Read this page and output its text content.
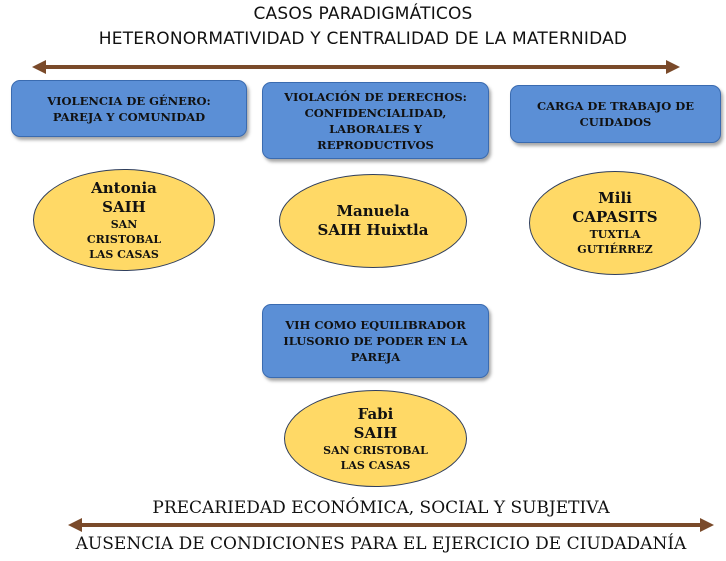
CASOS PARADIGMÁTICOS
HETERONORMATIVIDAD Y CENTRALIDAD DE LA MATERNIDAD
VIOLENCIA DE GÉNERO: PAREJA Y COMUNIDAD
VIOLACIÓN DE DERECHOS: CONFIDENCIALIDAD, LABORALES Y REPRODUCTIVOS
CARGA DE TRABAJO DE CUIDADOS
VIH COMO EQUILIBRADOR ILUSORIO DE PODER EN LA PAREJA
Antonia
SAIH
SAN CRISTOBAL LAS CASAS
Manuela
SAIH Huixtla
Mili
CAPASITS
TUXTLA GUTIÉRREZ
Fabi
SAIH
SAN CRISTOBAL LAS CASAS
PRECARIEDAD ECONÓMICA, SOCIAL Y SUBJETIVA
AUSENCIA DE CONDICIONES PARA EL EJERCICIO DE CIUDADANÍA
